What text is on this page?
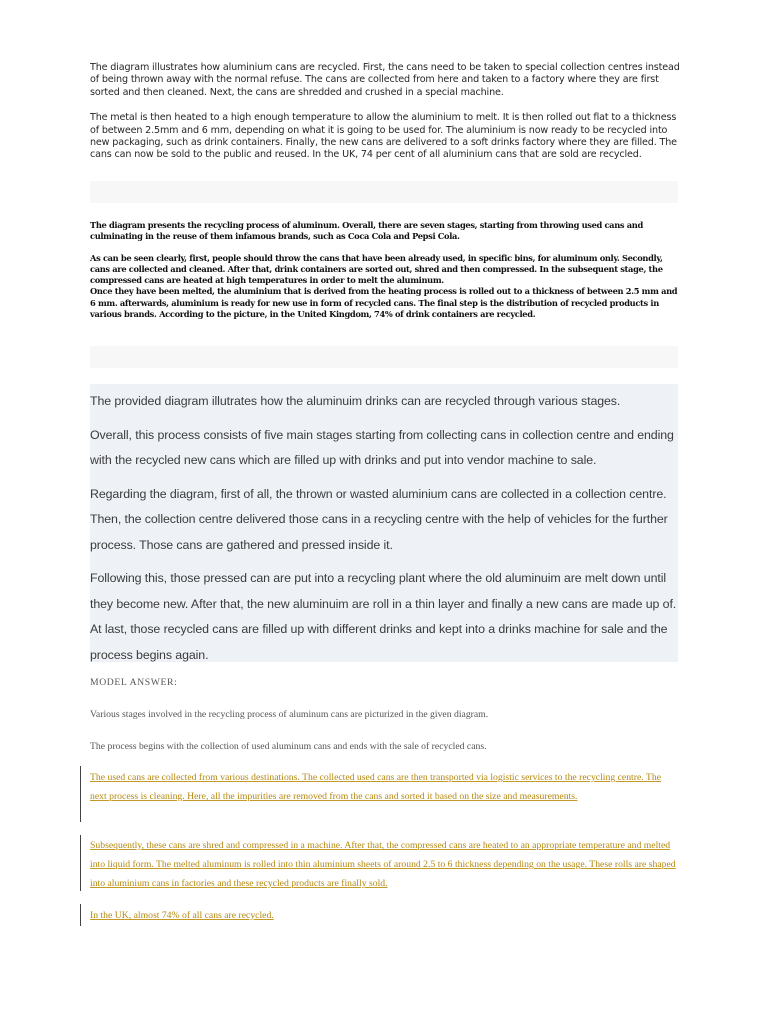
The diagram illustrates how aluminium cans are recycled. First, the cans need to be taken to special collection centres instead of being thrown away with the normal refuse. The cans are collected from here and taken to a factory where they are first sorted and then cleaned. Next, the cans are shredded and crushed in a special machine.

The metal is then heated to a high enough temperature to allow the aluminium to melt. It is then rolled out flat to a thickness of between 2.5mm and 6 mm, depending on what it is going to be used for. The aluminium is now ready to be recycled into new packaging, such as drink containers. Finally, the new cans are delivered to a soft drinks factory where they are filled. The cans can now be sold to the public and reused. In the UK, 74 per cent of all aluminium cans that are sold are recycled.

The diagram presents the recycling process of aluminum. Overall, there are seven stages, starting from throwing used cans and culminating in the reuse of them infamous brands, such as Coca Cola and Pepsi Cola.

As can be seen clearly, first, people should throw the cans that have been already used, in specific bins, for aluminum only. Secondly, cans are collected and cleaned. After that, drink containers are sorted out, shred and then compressed. In the subsequent stage, the compressed cans are heated at high temperatures in order to melt the aluminum.

Once they have been melted, the aluminium that is derived from the heating process is rolled out to a thickness of between 2.5 mm and 6 mm. afterwards, aluminium is ready for new use in form of recycled cans. The final step is the distribution of recycled products in various brands. According to the picture, in the United Kingdom, 74% of drink containers are recycled.

The provided diagram illutrates how the aluminuim drinks can are recycled through various stages.

Overall, this process consists of five main stages starting from collecting cans in collection centre and ending with the recycled new cans which are filled up with drinks and put into vendor machine to sale.

Regarding the diagram, first of all, the thrown or wasted aluminium cans are collected in a collection centre. Then, the collection centre delivered those cans in a recycling centre with the help of vehicles for the further process. Those cans are gathered and pressed inside it.

Following this, those pressed can are put into a recycling plant where the old aluminuim are melt down until they become new. After that, the new aluminuim are roll in a thin layer and finally a new cans are made up of. At last, those recycled cans are filled up with different drinks and kept into a drinks machine for sale and the process begins again.

MODEL ANSWER:
Various stages involved in the recycling process of aluminum cans are picturized in the given diagram.
The process begins with the collection of used aluminum cans and ends with the sale of recycled cans.

The used cans are collected from various destinations. The collected used cans are then transported via logistic services to the recycling centre. The next process is cleaning. Here, all the impurities are removed from the cans and sorted it based on the size and measurements.

Subsequently, these cans are shred and compressed in a machine. After that, the compressed cans are heated to an appropriate temperature and melted into liquid form. The melted aluminum is rolled into thin aluminium sheets of around 2.5 to 6 thickness depending on the usage. These rolls are shaped into aluminium cans in factories and these recycled products are finally sold.

In the UK, almost 74% of all cans are recycled.
